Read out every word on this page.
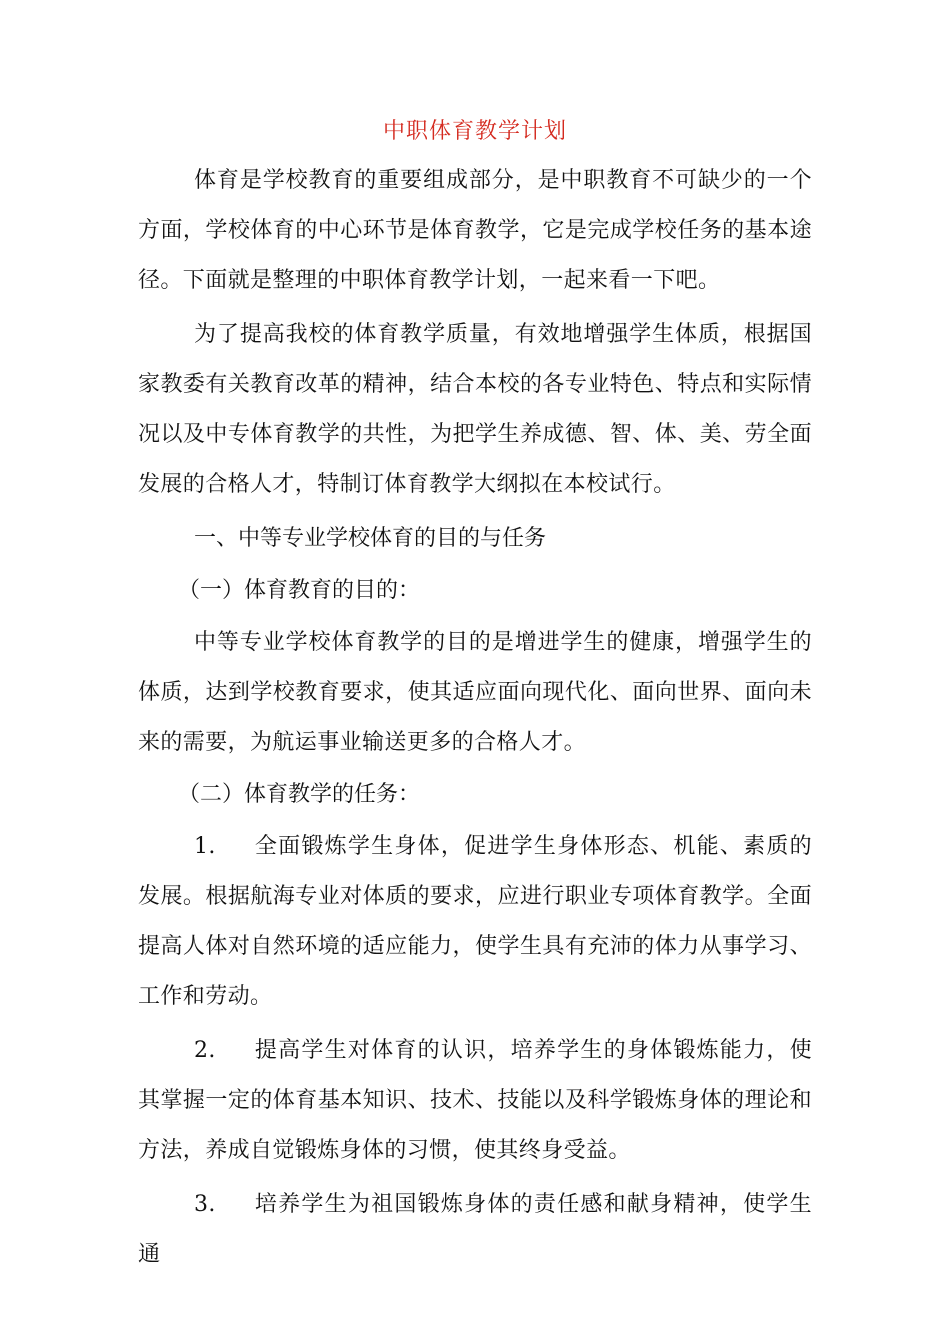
中职体育教学计划

体育是学校教育的重要组成部分，是中职教育不可缺少的一个方面，学校体育的中心环节是体育教学，它是完成学校任务的基本途径。下面就是整理的中职体育教学计划，一起来看一下吧。

为了提高我校的体育教学质量，有效地增强学生体质，根据国家教委有关教育改革的精神，结合本校的各专业特色、特点和实际情况以及中专体育教学的共性，为把学生养成德、智、体、美、劳全面发展的合格人才，特制订体育教学大纲拟在本校试行。

一、中等专业学校体育的目的与任务

（一）体育教育的目的：

中等专业学校体育教学的目的是增进学生的健康，增强学生的体质，达到学校教育要求，使其适应面向现代化、面向世界、面向未来的需要，为航运事业输送更多的合格人才。

（二）体育教学的任务：

1. 全面锻炼学生身体，促进学生身体形态、机能、素质的发展。根据航海专业对体质的要求，应进行职业专项体育教学。全面提高人体对自然环境的适应能力，使学生具有充沛的体力从事学习、工作和劳动。

2. 提高学生对体育的认识，培养学生的身体锻炼能力，使其掌握一定的体育基本知识、技术、技能以及科学锻炼身体的理论和方法，养成自觉锻炼身体的习惯，使其终身受益。

3. 培养学生为祖国锻炼身体的责任感和献身精神，使学生通
